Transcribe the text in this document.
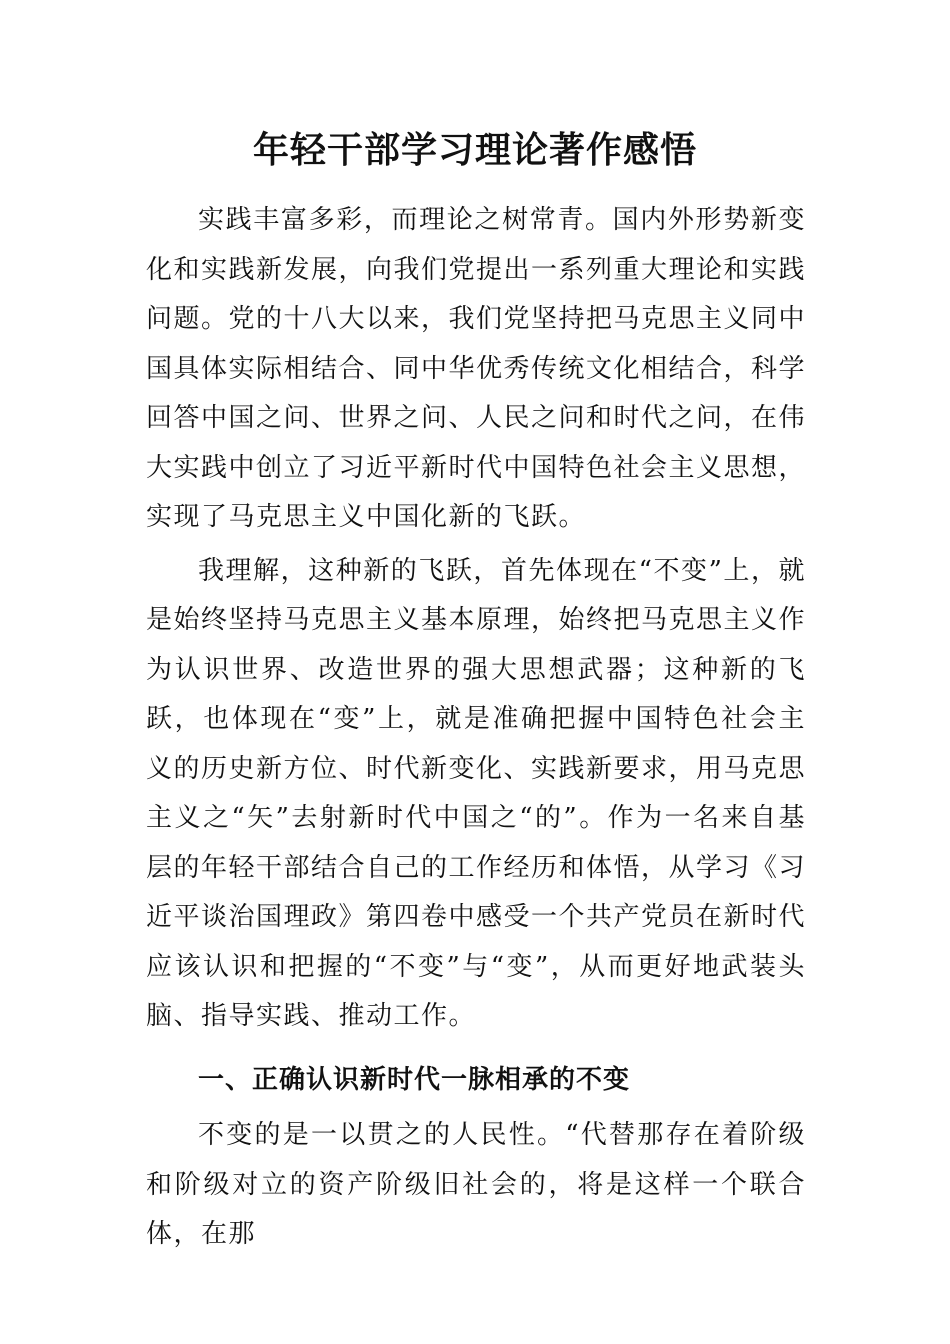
年轻干部学习理论著作感悟

实践丰富多彩，而理论之树常青。国内外形势新变化和实践新发展，向我们党提出一系列重大理论和实践问题。党的十八大以来，我们党坚持把马克思主义同中国具体实际相结合、同中华优秀传统文化相结合，科学回答中国之问、世界之问、人民之问和时代之问，在伟大实践中创立了习近平新时代中国特色社会主义思想，实现了马克思主义中国化新的飞跃。

我理解，这种新的飞跃，首先体现在“不变”上，就是始终坚持马克思主义基本原理，始终把马克思主义作为认识世界、改造世界的强大思想武器；这种新的飞跃，也体现在“变”上，就是准确把握中国特色社会主义的历史新方位、时代新变化、实践新要求，用马克思主义之“矢”去射新时代中国之“的”。作为一名来自基层的年轻干部结合自己的工作经历和体悟，从学习《习近平谈治国理政》第四卷中感受一个共产党员在新时代应该认识和把握的“不变”与“变”，从而更好地武装头脑、指导实践、推动工作。

一、正确认识新时代一脉相承的不变

不变的是一以贯之的人民性。“代替那存在着阶级和阶级对立的资产阶级旧社会的，将是这样一个联合体，在那
